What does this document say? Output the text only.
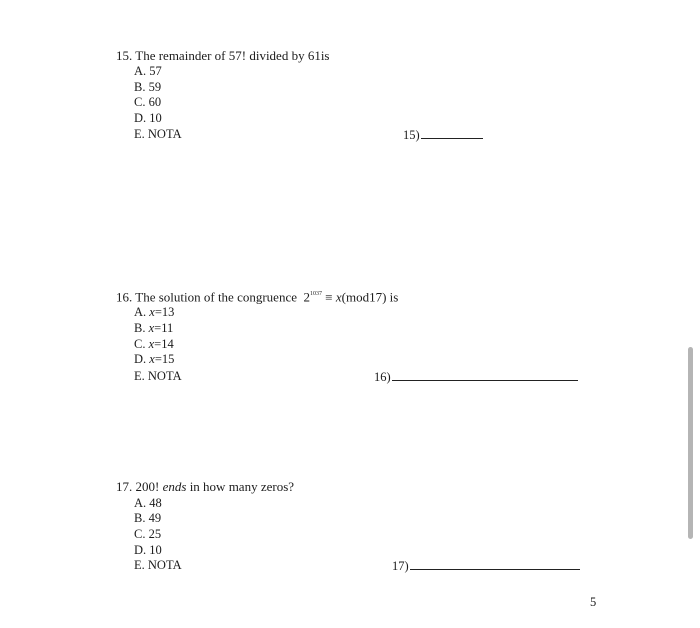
15. The remainder of 57! divided by 61is
A. 57
B. 59
C. 60
D. 10
E. NOTA	15)
16. The solution of the congruence $2^{1037} \equiv x(mod17)$ is
A. x=13
B. x=11
C. x=14
D. x=15
E. NOTA	16)
17. 200! ends in how many zeros?
A. 48
B. 49
C. 25
D. 10
E. NOTA	17)
5
